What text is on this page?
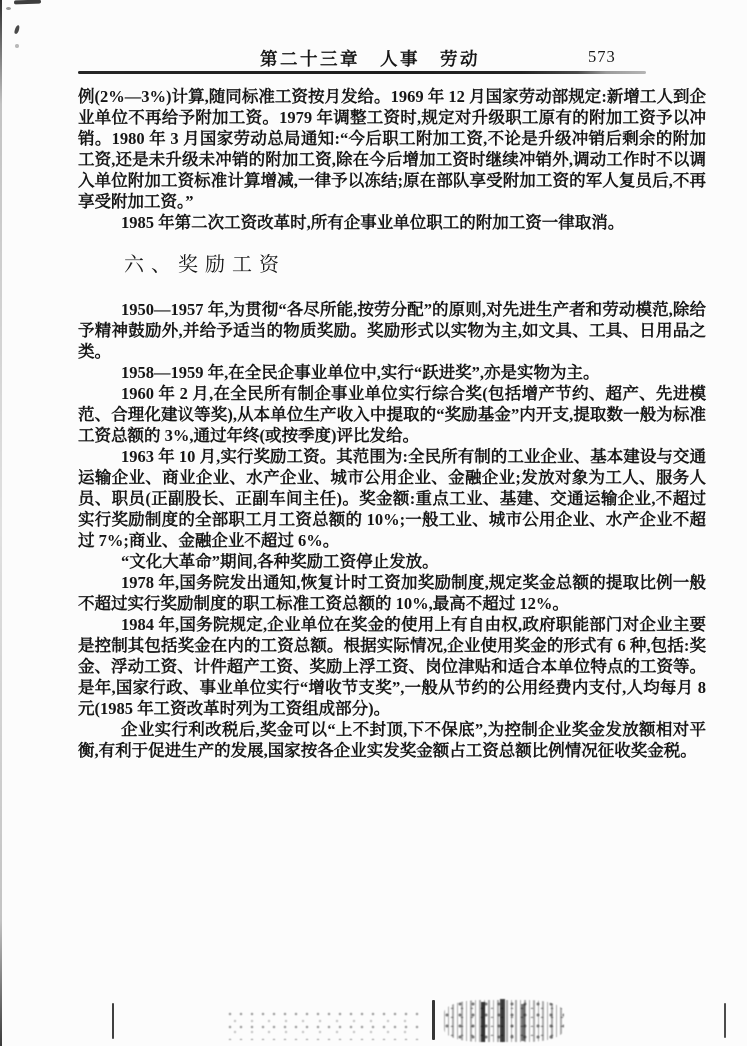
第二十三章　人事　劳动	573

例(2%—3%)计算,随同标准工资按月发给。1969 年 12 月国家劳动部规定:新增工人到企业单位不再给予附加工资。1979 年调整工资时,规定对升级职工原有的附加工资予以冲销。1980 年 3 月国家劳动总局通知:“今后职工附加工资,不论是升级冲销后剩余的附加工资,还是未升级未冲销的附加工资,除在今后增加工资时继续冲销外,调动工作时不以调入单位附加工资标准计算增减,一律予以冻结;原在部队享受附加工资的军人复员后,不再享受附加工资。”

1985 年第二次工资改革时,所有企事业单位职工的附加工资一律取消。

六、奖励工资

1950—1957 年,为贯彻“各尽所能,按劳分配”的原则,对先进生产者和劳动模范,除给予精神鼓励外,并给予适当的物质奖励。奖励形式以实物为主,如文具、工具、日用品之类。

1958—1959 年,在全民企事业单位中,实行“跃进奖”,亦是实物为主。

1960 年 2 月,在全民所有制企事业单位实行综合奖(包括增产节约、超产、先进模范、合理化建议等奖),从本单位生产收入中提取的“奖励基金”内开支,提取数一般为标准工资总额的 3%,通过年终(或按季度)评比发给。

1963 年 10 月,实行奖励工资。其范围为:全民所有制的工业企业、基本建设与交通运输企业、商业企业、水产企业、城市公用企业、金融企业;发放对象为工人、服务人员、职员(正副股长、正副车间主任)。奖金额:重点工业、基建、交通运输企业,不超过实行奖励制度的全部职工月工资总额的 10%;一般工业、城市公用企业、水产企业不超过 7%;商业、金融企业不超过 6%。

“文化大革命”期间,各种奖励工资停止发放。

1978 年,国务院发出通知,恢复计时工资加奖励制度,规定奖金总额的提取比例一般不超过实行奖励制度的职工标准工资总额的 10%,最高不超过 12%。

1984 年,国务院规定,企业单位在奖金的使用上有自由权,政府职能部门对企业主要是控制其包括奖金在内的工资总额。根据实际情况,企业使用奖金的形式有 6 种,包括:奖金、浮动工资、计件超产工资、奖励上浮工资、岗位津贴和适合本单位特点的工资等。是年,国家行政、事业单位实行“增收节支奖”,一般从节约的公用经费内支付,人均每月 8 元(1985 年工资改革时列为工资组成部分)。

企业实行利改税后,奖金可以“上不封顶,下不保底”,为控制企业奖金发放额相对平衡,有利于促进生产的发展,国家按各企业实发奖金额占工资总额比例情况征收奖金税。
